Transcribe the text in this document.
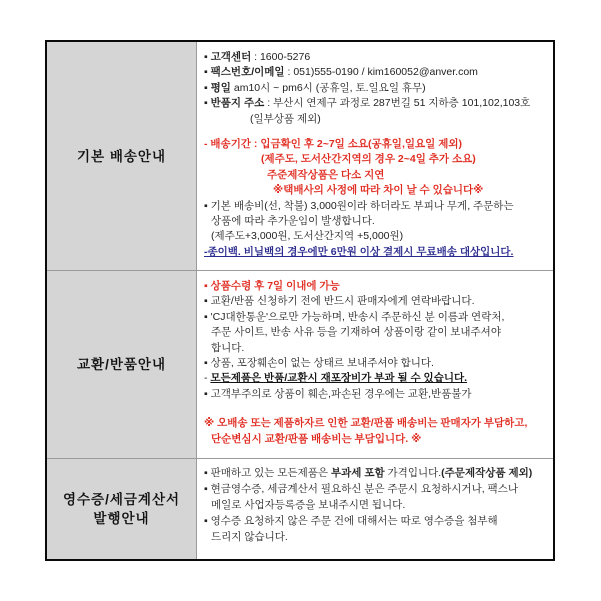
기본 배송안내
▪ 고객센터 : 1600-5276
▪ 팩스번호/이메일 : 051)555-0190 / kim160052@anver.com
▪ 평일 am10시 ~ pm6시 (공휴일, 토.일요일 휴무)
▪ 반품지 주소 : 부산시 연제구 과정로 287번길 51 지하층 101,102,103호
(일부상품 제외)
- 배송기간 : 입금확인 후 2~7일 소요(공휴일,일요일 제외)
(제주도, 도서산간지역의 경우 2~4일 추가 소요)
주준제작상품은 다소 지연
※택배사의 사정에 따라 차이 날 수 있습니다※
▪ 기본 배송비(선, 착불) 3,000원이라 하더라도 부피나 무게, 주문하는
상품에 따라 추가운임이 발생합니다.
(제주도+3,000원, 도서산간지역 +5,000원)
-종이백. 비닐백의 경우에만 6만원 이상 결제시 무료배송 대상입니다.
교환/반품안내
▪ 상품수령 후 7일 이내에 가능
▪ 교환/반품 신청하기 전에 반드시 판매자에게 연락바랍니다.
▪ 'CJ대한통운'으로만 가능하며, 반송시 주문하신 분 이름과 연락처,
주문 사이트, 반송 사유 등을 기재하여 상품이랑 같이 보내주셔야
합니다.
▪ 상품, 포장훼손이 없는 상태르 보내주셔야 합니다.
- 모든제품은 반품/교환시 재포장비가 부과 될 수 있습니다.
▪ 고객부주의로 상품이 훼손,파손된 경우에는 교환,반품불가
※ 오배송 또는 제품하자르 인한 교환/판품 배송비는 판매자가 부담하고,
단순변심시 교환/판품 배송비는 부담입니다. ※
영수증/세금계산서
발행안내
▪ 판매하고 있는 모든제품은 부과세 포함 가격입니다.(주문제작상품 제외)
▪ 현금영수증, 세금계산서 필요하신 분은 주문시 요청하시거나, 팩스나
메일로 사업자등록증을 보내주시면 됩니다.
▪ 영수증 요청하지 않은 주문 건에 대해서는 따로 영수증을 첨부해
드리지 않습니다.
